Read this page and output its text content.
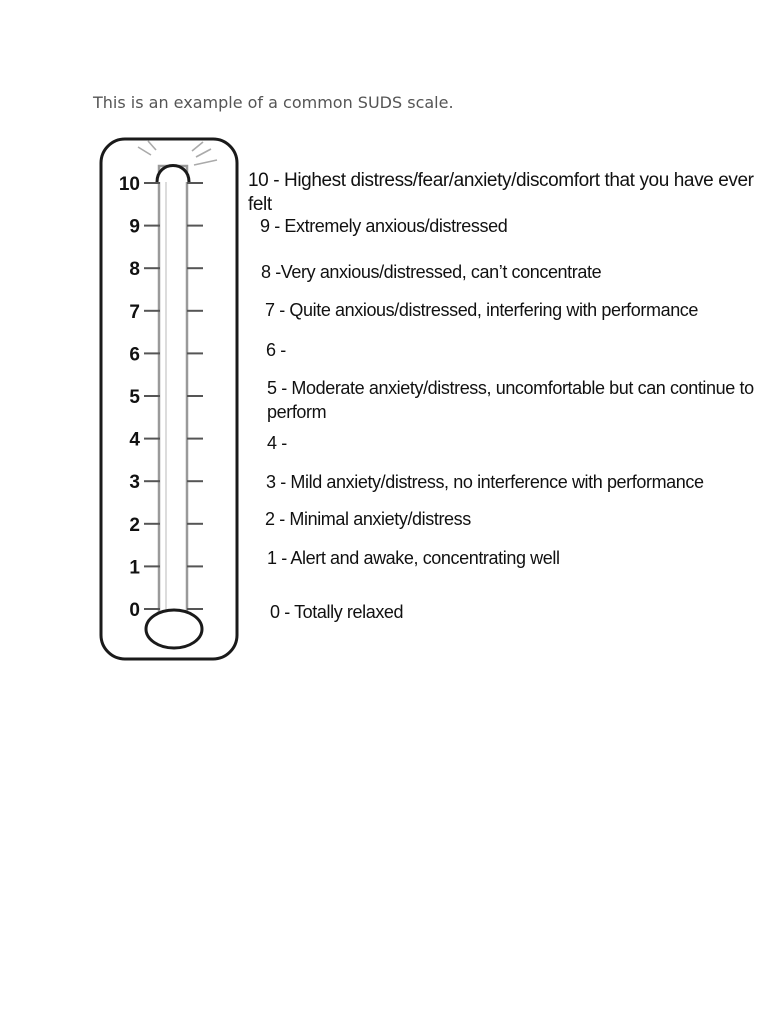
This is an example of a common SUDS scale.
10
9
8
7
6
5
4
3
2
1
0
10 - Highest distress/fear/anxiety/discomfort that you have ever felt
9 - Extremely anxious/distressed
8 -Very anxious/distressed, can’t concentrate
7 - Quite anxious/distressed, interfering with performance
6 -
5 - Moderate anxiety/distress, uncomfortable but can continue to
perform
4 -
3 - Mild anxiety/distress, no interference with performance
2 - Minimal anxiety/distress
1 - Alert and awake, concentrating well
0 - Totally relaxed
